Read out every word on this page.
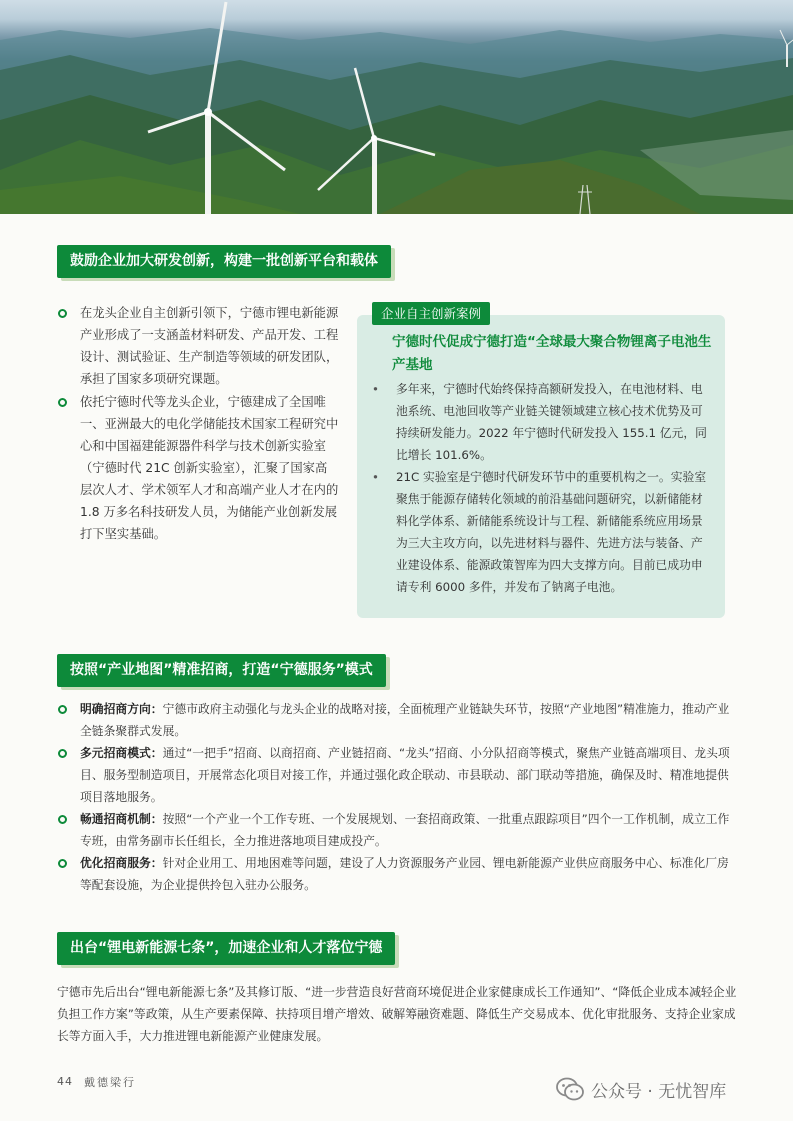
鼓励企业加大研发创新，构建一批创新平台和载体
在龙头企业自主创新引领下，宁德市锂电新能源产业形成了一支涵盖材料研发、产品开发、工程设计、测试验证、生产制造等领域的研发团队，承担了国家多项研究课题。
依托宁德时代等龙头企业，宁德建成了全国唯一、亚洲最大的电化学储能技术国家工程研究中心和中国福建能源器件科学与技术创新实验室（宁德时代 21C 创新实验室），汇聚了国家高层次人才、学术领军人才和高端产业人才在内的 1.8 万多名科技研发人员，为储能产业创新发展打下坚实基础。
企业自主创新案例
宁德时代促成宁德打造“全球最大聚合物锂离子电池生产基地
• 多年来，宁德时代始终保持高额研发投入，在电池材料、电池系统、电池回收等产业链关键领域建立核心技术优势及可持续研发能力。2022 年宁德时代研发投入 155.1 亿元，同比增长 101.6%。
• 21C 实验室是宁德时代研发环节中的重要机构之一。实验室聚焦于能源存储转化领域的前沿基础问题研究，以新储能材料化学体系、新储能系统设计与工程、新储能系统应用场景为三大主攻方向，以先进材料与器件、先进方法与装备、产业建设体系、能源政策智库为四大支撑方向。目前已成功申请专利 6000 多件，并发布了钠离子电池。
按照“产业地图”精准招商，打造“宁德服务”模式
明确招商方向：宁德市政府主动强化与龙头企业的战略对接，全面梳理产业链缺失环节，按照“产业地图”精准施力，推动产业全链条聚群式发展。
多元招商模式：通过“一把手”招商、以商招商、产业链招商、“龙头”招商、小分队招商等模式，聚焦产业链高端项目、龙头项目、服务型制造项目，开展常态化项目对接工作，并通过强化政企联动、市县联动、部门联动等措施，确保及时、精准地提供项目落地服务。
畅通招商机制：按照“一个产业一个工作专班、一个发展规划、一套招商政策、一批重点跟踪项目”四个一工作机制，成立工作专班，由常务副市长任组长，全力推进落地项目建成投产。
优化招商服务：针对企业用工、用地困难等问题，建设了人力资源服务产业园、锂电新能源产业供应商服务中心、标准化厂房等配套设施，为企业提供拎包入驻办公服务。
出台“锂电新能源七条”，加速企业和人才落位宁德

宁德市先后出台“锂电新能源七条”及其修订版、“进一步营造良好营商环境促进企业家健康成长工作通知”、“降低企业成本减轻企业负担工作方案”等政策，从生产要素保障、扶持项目增产增效、破解筹融资难题、降低生产交易成本、优化审批服务、支持企业家成长等方面入手，大力推进锂电新能源产业健康发展。

44 戴德梁行	公众号 · 无忧智库
